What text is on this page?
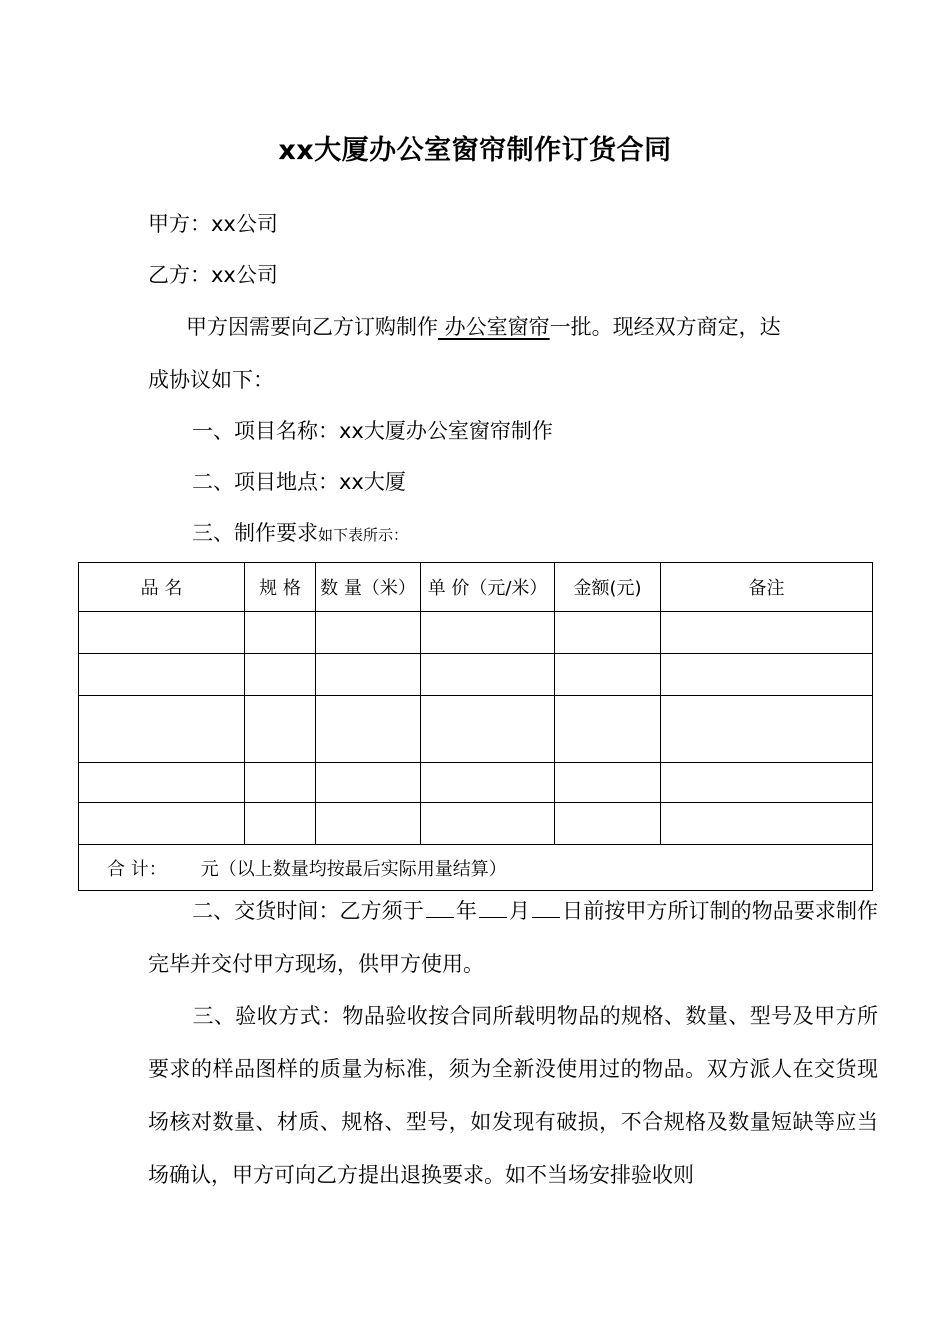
xx大厦办公室窗帘制作订货合同
甲方：xx公司
乙方：xx公司
甲方因需要向乙方订购制作 办公室窗帘一批。现经双方商定，达
成协议如下：
一、项目名称：xx大厦办公室窗帘制作
二、项目地点：xx大厦
三、制作要求如下表所示：
品 名	规 格	数 量（米）	单 价（元/米）	金额(元)	备注

合 计： 元（以上数量均按最后实际用量结算）					
二、交货时间：乙方须于 年 月 日前按甲方所订制的物品要求制作完毕并交付甲方现场，供甲方使用。
三、验收方式：物品验收按合同所载明物品的规格、数量、型号及甲方所要求的样品图样的质量为标准，须为全新没使用过的物品。双方派人在交货现场核对数量、材质、规格、型号，如发现有破损，不合规格及数量短缺等应当场确认，甲方可向乙方提出退换要求。如不当场安排验收则
